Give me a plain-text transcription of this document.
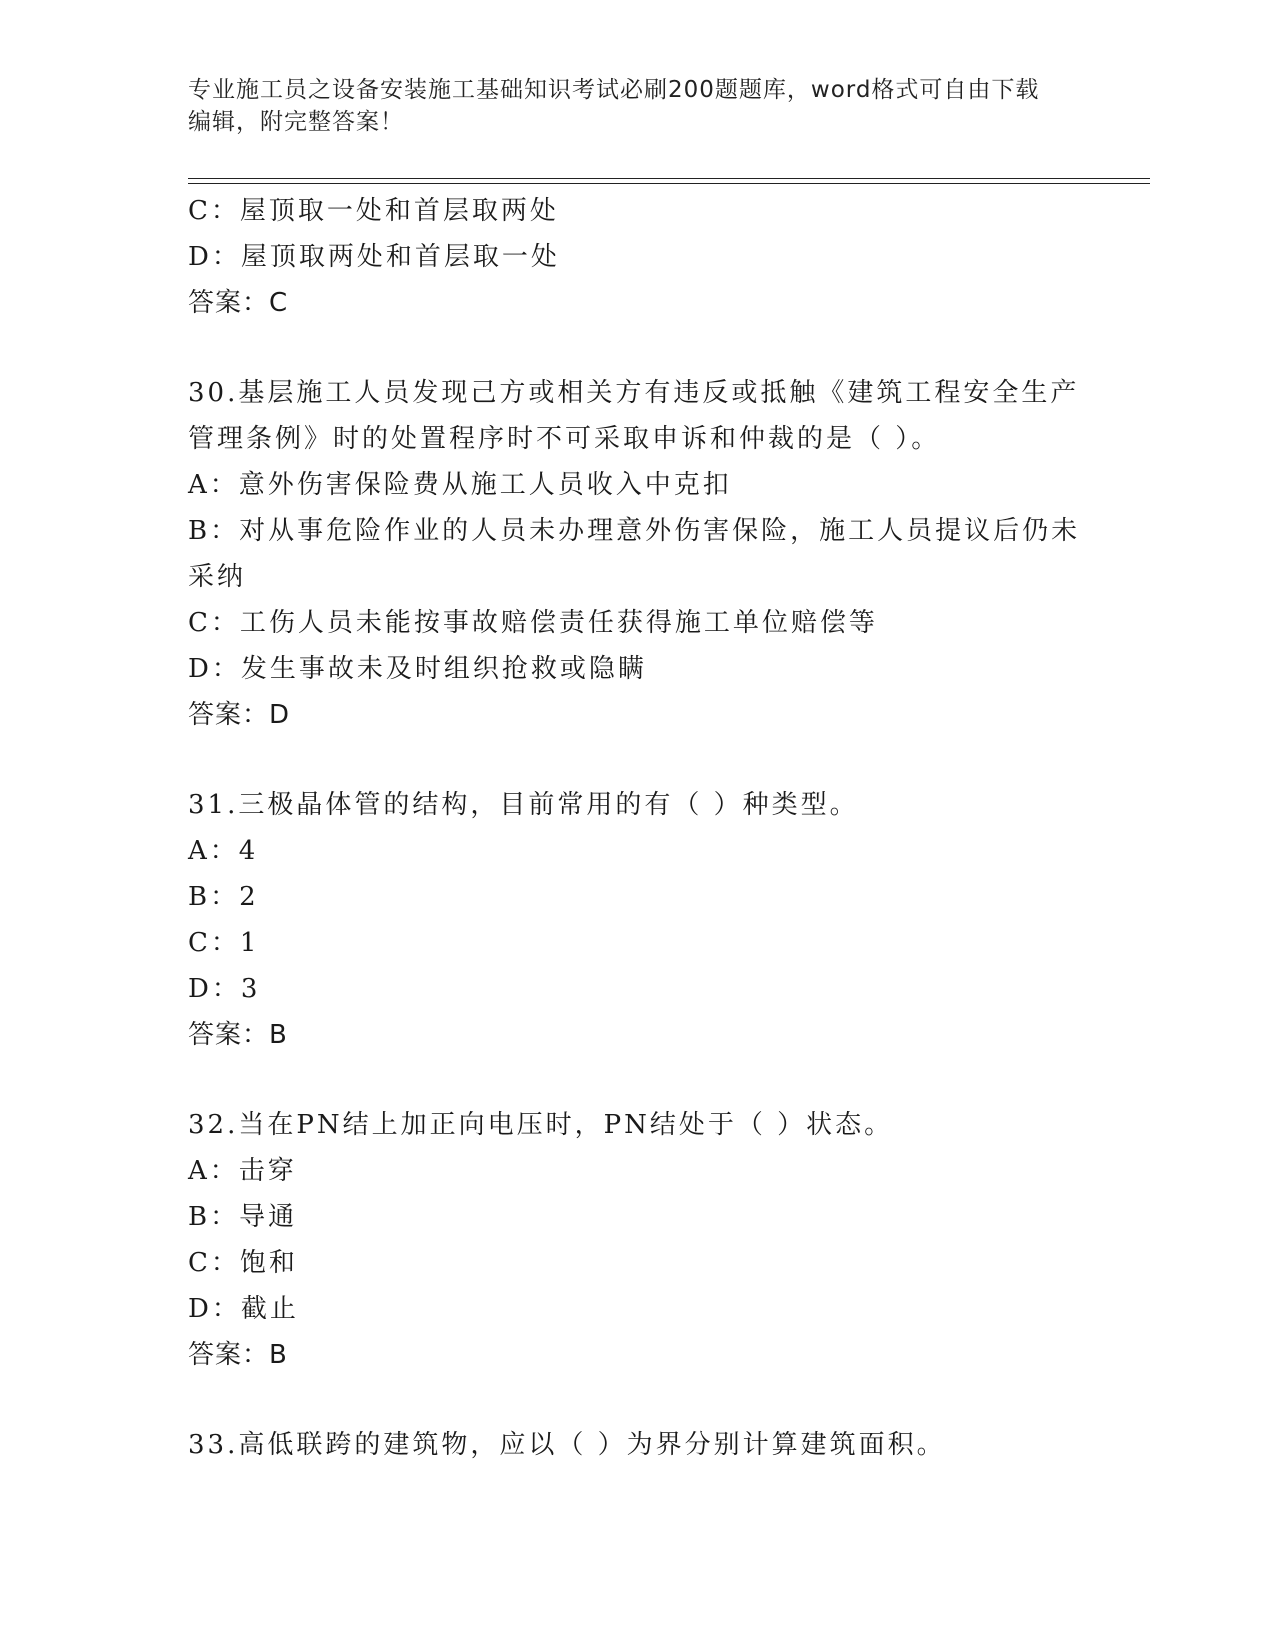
专业施工员之设备安装施工基础知识考试必刷200题题库，word格式可自由下载
编辑，附完整答案！
C：屋顶取一处和首层取两处
D：屋顶取两处和首层取一处
答案：C
30.基层施工人员发现己方或相关方有违反或抵触《建筑工程安全生产
管理条例》时的处置程序时不可采取申诉和仲裁的是（ ）。
A：意外伤害保险费从施工人员收入中克扣
B：对从事危险作业的人员未办理意外伤害保险，施工人员提议后仍未
采纳
C：工伤人员未能按事故赔偿责任获得施工单位赔偿等
D：发生事故未及时组织抢救或隐瞒
答案：D
31.三极晶体管的结构，目前常用的有（ ）种类型。
A：4
B：2
C：1
D：3
答案：B
32.当在PN结上加正向电压时，PN结处于（ ）状态。
A：击穿
B：导通
C：饱和
D：截止
答案：B
33.高低联跨的建筑物，应以（ ）为界分别计算建筑面积。
